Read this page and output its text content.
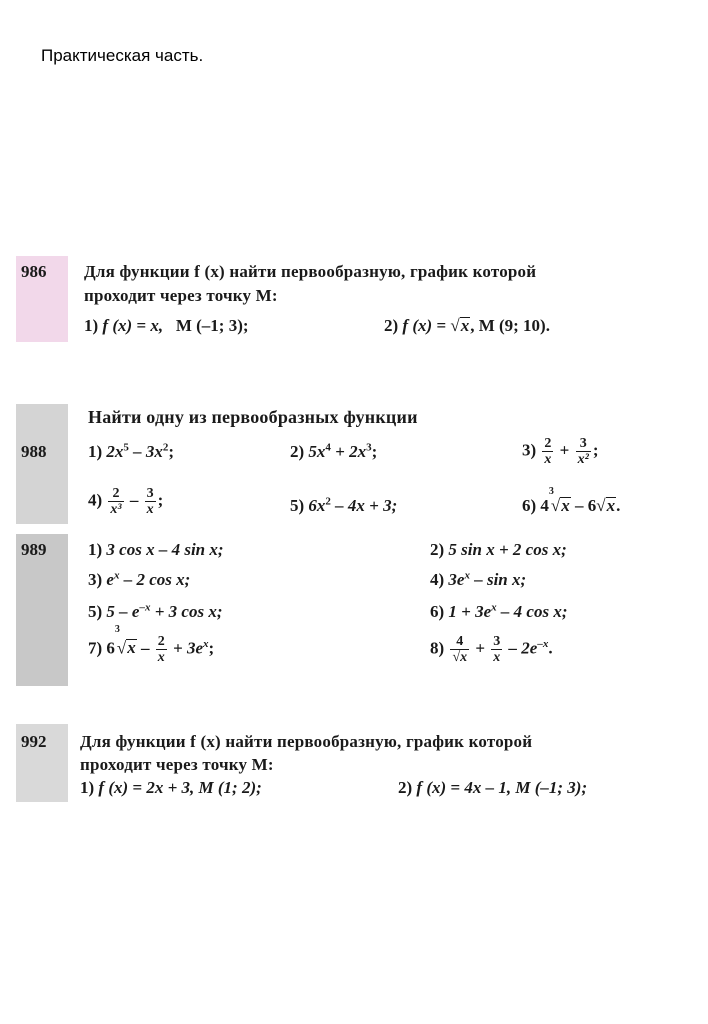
Практическая часть.
986 Для функции f (x) найти первообразную, график которой
проходит через точку M:
1) f (x) = x, M (–1; 3);	2) f (x) = √x, M (9; 10).
Найти одну из первообразных функции
988 1) $2x^5 - 3x^2$;	2) $5x^4 + 2x^3$;	$3) \frac{2}{x} + \frac{3}{\text{x²}}$ ;
$4) \frac{2}{\text{x³}} - \frac{3}{x}$ ;	5) $6x^2 - 4x + 3$;	6) $4^3√x - 6√x$.
989 1) 3 cos x – 4 sin x;	2) 5 sin x + 2 cos x;
3) $e^x - 2$ cos x;	4) $3e^x$ – sin x;
5) $5 - e^{-x} + 3$ cos x;	6) $1 + 3e^x - 4$ cos x;
7) $6^3√x - \frac{2}{x} + 3e^x$;	$8) \frac{4}{√x} + \frac{3}{x} - 2e^{-x}$.
992 Для функции f (x) найти первообразную, график которой
проходит через точку M:
1) f (x) = 2x + 3, M (1; 2);	2) f (x) = 4x – 1, M (–1; 3);
